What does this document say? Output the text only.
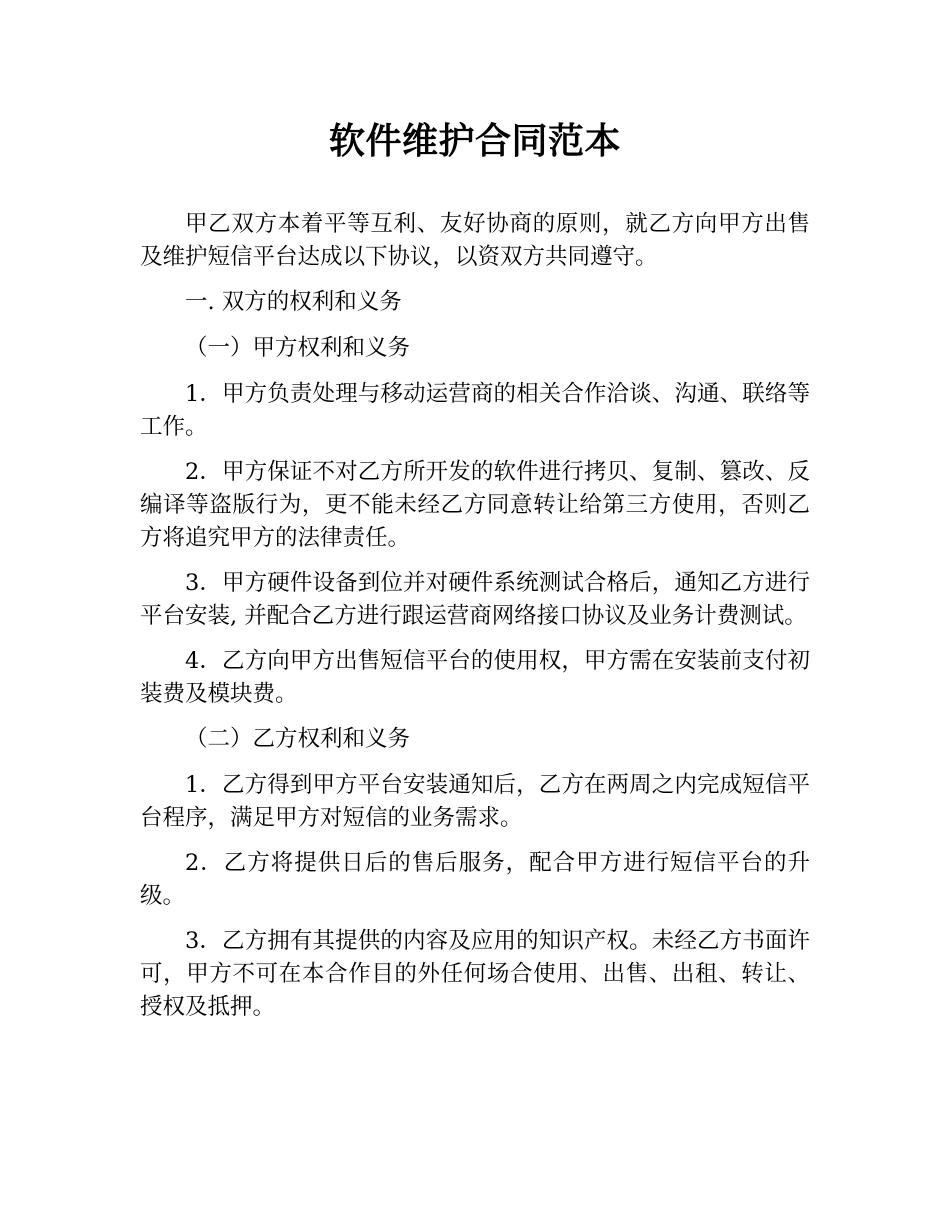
软件维护合同范本

甲乙双方本着平等互利、友好协商的原则，就乙方向甲方出售及维护短信平台达成以下协议，以资双方共同遵守。

一. 双方的权利和义务

（一）甲方权利和义务

1．甲方负责处理与移动运营商的相关合作洽谈、沟通、联络等工作。

2．甲方保证不对乙方所开发的软件进行拷贝、复制、篡改、反编译等盗版行为，更不能未经乙方同意转让给第三方使用，否则乙方将追究甲方的法律责任。

3．甲方硬件设备到位并对硬件系统测试合格后，通知乙方进行平台安装, 并配合乙方进行跟运营商网络接口协议及业务计费测试。

4．乙方向甲方出售短信平台的使用权，甲方需在安装前支付初装费及模块费。

（二）乙方权利和义务

1．乙方得到甲方平台安装通知后，乙方在两周之内完成短信平台程序，满足甲方对短信的业务需求。

2．乙方将提供日后的售后服务，配合甲方进行短信平台的升级。

3．乙方拥有其提供的内容及应用的知识产权。未经乙方书面许可，甲方不可在本合作目的外任何场合使用、出售、出租、转让、授权及抵押。
